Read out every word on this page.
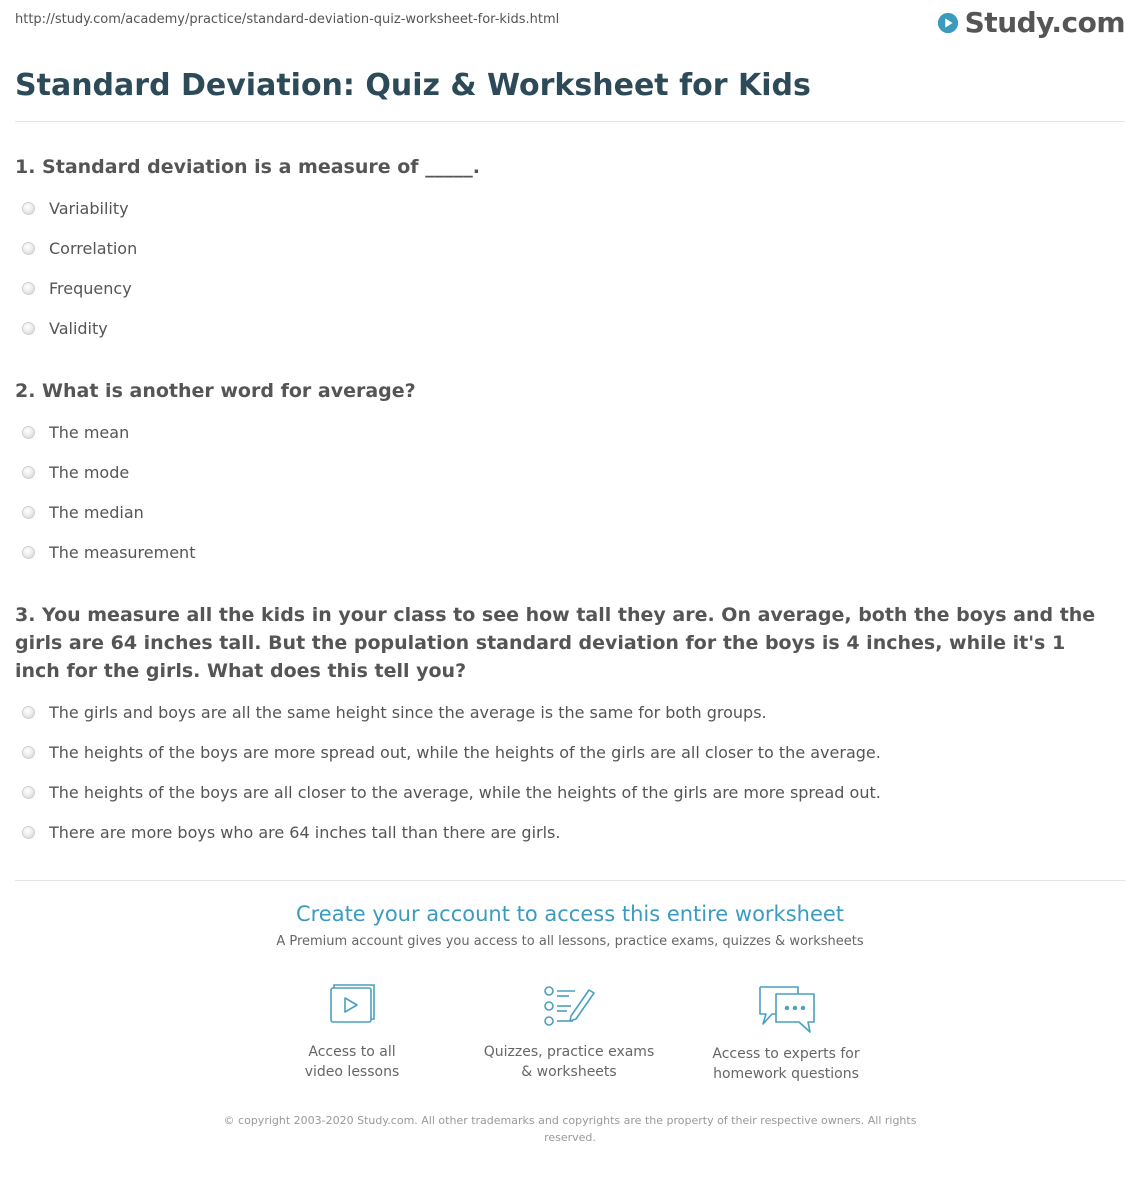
http://study.com/academy/practice/standard-deviation-quiz-worksheet-for-kids.html	Study.com
Standard Deviation: Quiz & Worksheet for Kids
1. Standard deviation is a measure of _____.
Variability
Correlation
Frequency
Validity
2. What is another word for average?
The mean
The mode
The median
The measurement
3. You measure all the kids in your class to see how tall they are. On average, both the boys and the girls are 64 inches tall. But the population standard deviation for the boys is 4 inches, while it's 1 inch for the girls. What does this tell you?
The girls and boys are all the same height since the average is the same for both groups.
The heights of the boys are more spread out, while the heights of the girls are all closer to the average.
The heights of the boys are all closer to the average, while the heights of the girls are more spread out.
There are more boys who are 64 inches tall than there are girls.
Create your account to access this entire worksheet
A Premium account gives you access to all lessons, practice exams, quizzes & worksheets
Access to all
video lessons
Quizzes, practice exams
& worksheets
Access to experts for
homework questions
© copyright 2003-2020 Study.com. All other trademarks and copyrights are the property of their respective owners. All rights reserved.
